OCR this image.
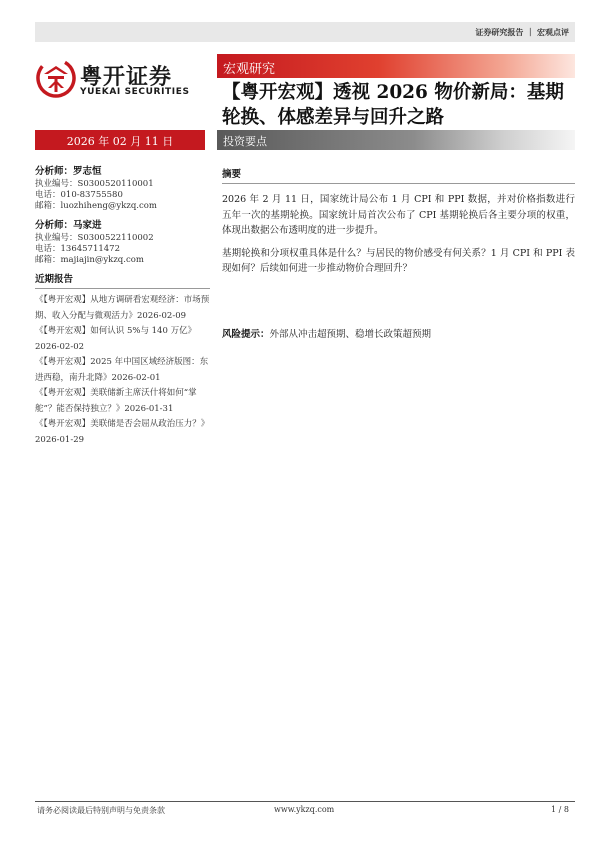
证券研究报告 ｜ 宏观点评
粤开证券
YUEKAI SECURITIES
宏观研究
【粤开宏观】透视 2026 物价新局：基期轮换、体感差异与回升之路
2026 年 02 月 11 日	投资要点
分析师：罗志恒
执业编号：S0300520110001
电话：010-83755580
邮箱：luozhiheng@ykzq.com
分析师：马家进
执业编号：S0300522110002
电话：13645711472
邮箱：majiajin@ykzq.com
近期报告
《【粤开宏观】从地方调研看宏观经济：市场预期、收入分配与微观活力》2026-02-09
《【粤开宏观】如何认识 5%与 140 万亿》2026-02-02
《【粤开宏观】2025 年中国区域经济版图：东进西稳，南升北降》2026-02-01
《【粤开宏观】美联储新主席沃什将如何“掌舵”？能否保持独立？》2026-01-31
《【粤开宏观】美联储是否会屈从政治压力？》2026-01-29
摘要

2026 年 2 月 11 日，国家统计局公布 1 月 CPI 和 PPI 数据，并对价格指数进行五年一次的基期轮换。国家统计局首次公布了 CPI 基期轮换后各主要分项的权重，体现出数据公布透明度的进一步提升。

基期轮换和分项权重具体是什么？与居民的物价感受有何关系？1 月 CPI 和 PPI 表现如何？后续如何进一步推动物价合理回升？

风险提示：外部从冲击超预期、稳增长政策超预期
请务必阅读最后特别声明与免责条款	www.ykzq.com	1 / 8
